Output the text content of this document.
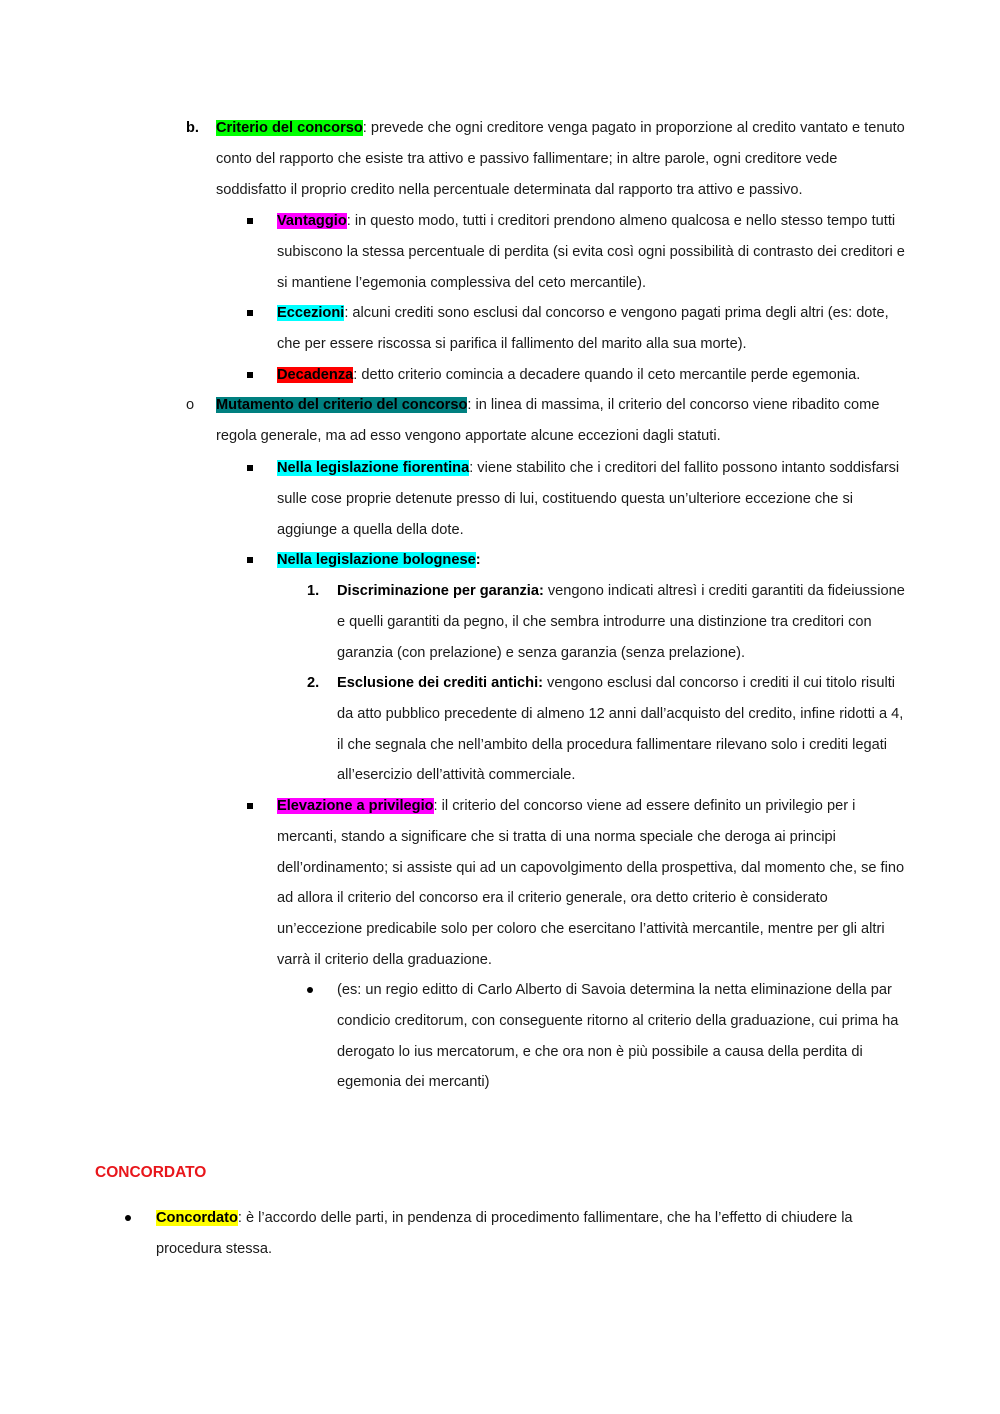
b. Criterio del concorso: prevede che ogni creditore venga pagato in proporzione al credito vantato e tenuto conto del rapporto che esiste tra attivo e passivo fallimentare; in altre parole, ogni creditore vede soddisfatto il proprio credito nella percentuale determinata dal rapporto tra attivo e passivo.

Vantaggio: in questo modo, tutti i creditori prendono almeno qualcosa e nello stesso tempo tutti subiscono la stessa percentuale di perdita (si evita così ogni possibilità di contrasto dei creditori e si mantiene l’egemonia complessiva del ceto mercantile).

Eccezioni: alcuni crediti sono esclusi dal concorso e vengono pagati prima degli altri (es: dote, che per essere riscossa si parifica il fallimento del marito alla sua morte).

Decadenza: detto criterio comincia a decadere quando il ceto mercantile perde egemonia.

o Mutamento del criterio del concorso: in linea di massima, il criterio del concorso viene ribadito come regola generale, ma ad esso vengono apportate alcune eccezioni dagli statuti.

Nella legislazione fiorentina: viene stabilito che i creditori del fallito possono intanto soddisfarsi sulle cose proprie detenute presso di lui, costituendo questa un’ulteriore eccezione che si aggiunge a quella della dote.

Nella legislazione bolognese:

1. Discriminazione per garanzia: vengono indicati altresì i crediti garantiti da fideiussione e quelli garantiti da pegno, il che sembra introdurre una distinzione tra creditori con garanzia (con prelazione) e senza garanzia (senza prelazione).

2. Esclusione dei crediti antichi: vengono esclusi dal concorso i crediti il cui titolo risulti da atto pubblico precedente di almeno 12 anni dall’acquisto del credito, infine ridotti a 4, il che segnala che nell’ambito della procedura fallimentare rilevano solo i crediti legati all’esercizio dell’attività commerciale.

Elevazione a privilegio: il criterio del concorso viene ad essere definito un privilegio per i mercanti, stando a significare che si tratta di una norma speciale che deroga ai principi dell’ordinamento; si assiste qui ad un capovolgimento della prospettiva, dal momento che, se fino ad allora il criterio del concorso era il criterio generale, ora detto criterio è considerato un’eccezione predicabile solo per coloro che esercitano l’attività mercantile, mentre per gli altri varrà il criterio della graduazione.

(es: un regio editto di Carlo Alberto di Savoia determina la netta eliminazione della par condicio creditorum, con conseguente ritorno al criterio della graduazione, cui prima ha derogato lo ius mercatorum, e che ora non è più possibile a causa della perdita di egemonia dei mercanti)

CONCORDATO

Concordato: è l’accordo delle parti, in pendenza di procedimento fallimentare, che ha l’effetto di chiudere la procedura stessa.
